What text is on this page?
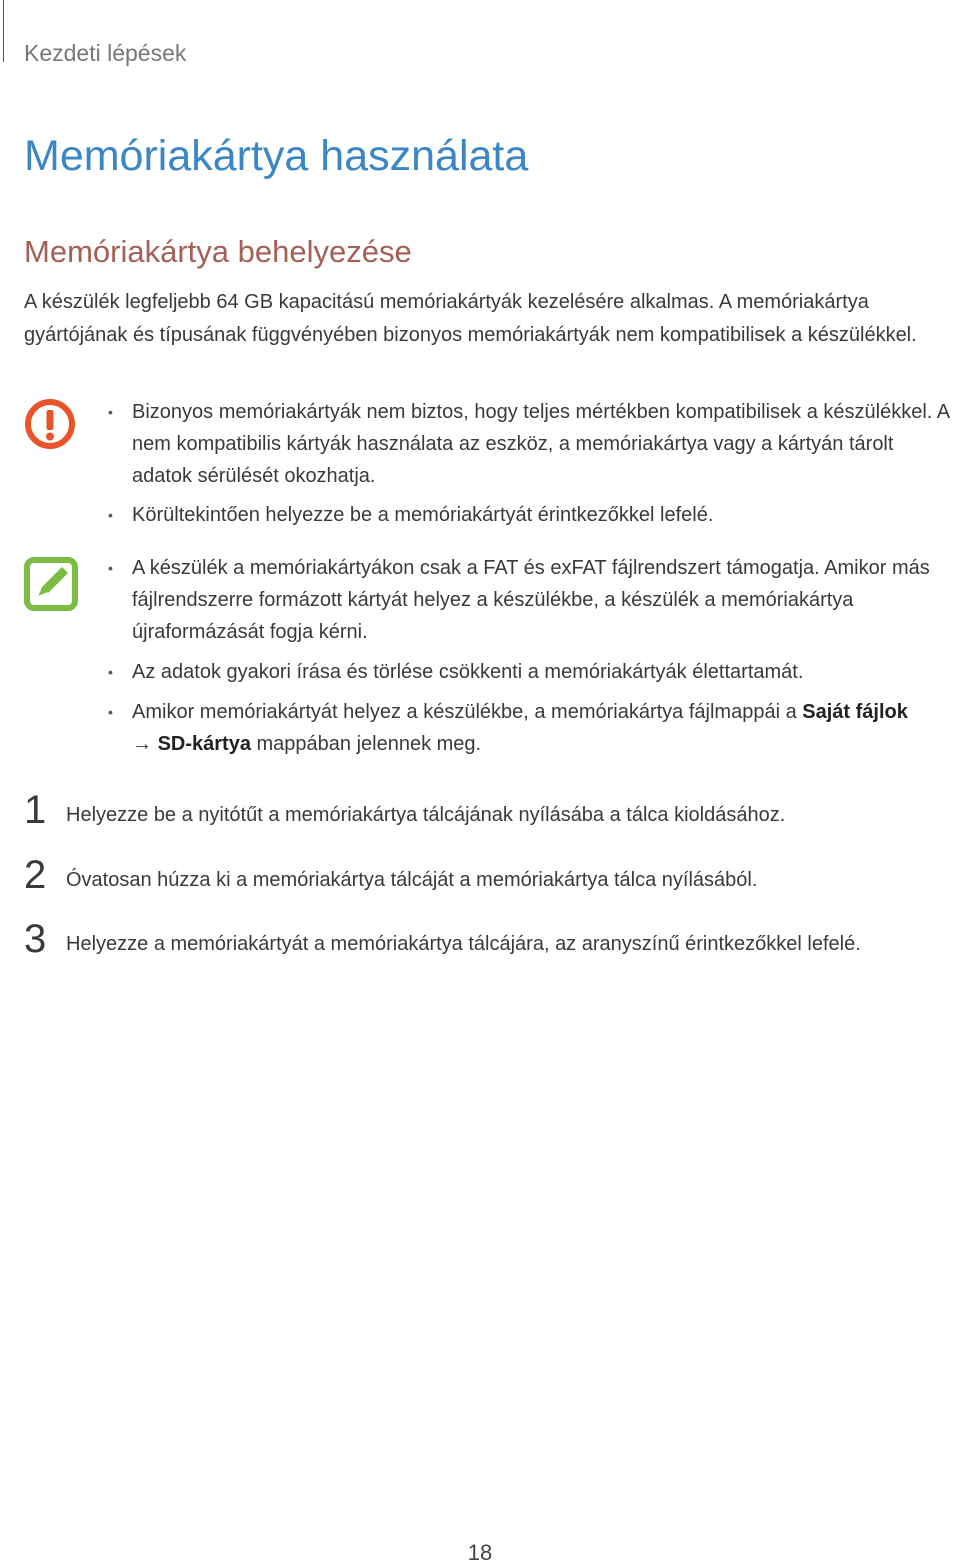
Kezdeti lépések
Memóriakártya használata
Memóriakártya behelyezése

A készülék legfeljebb 64 GB kapacitású memóriakártyák kezelésére alkalmas. A memóriakártya gyártójának és típusának függvényében bizonyos memóriakártyák nem kompatibilisek a készülékkel.

• Bizonyos memóriakártyák nem biztos, hogy teljes mértékben kompatibilisek a készülékkel. A nem kompatibilis kártyák használata az eszköz, a memóriakártya vagy a kártyán tárolt adatok sérülését okozhatja.
• Körültekintően helyezze be a memóriakártyát érintkezőkkel lefelé.
• A készülék a memóriakártyákon csak a FAT és exFAT fájlrendszert támogatja. Amikor más fájlrendszerre formázott kártyát helyez a készülékbe, a készülék a memóriakártya újraformázását fogja kérni.
• Az adatok gyakori írása és törlése csökkenti a memóriakártyák élettartamát.
• Amikor memóriakártyát helyez a készülékbe, a memóriakártya fájlmappái a Saját fájlok
→ SD-kártya mappában jelennek meg.
1 Helyezze be a nyitótűt a memóriakártya tálcájának nyílásába a tálca kioldásához.
2 Óvatosan húzza ki a memóriakártya tálcáját a memóriakártya tálca nyílásából.
3 Helyezze a memóriakártyát a memóriakártya tálcájára, az aranyszínű érintkezőkkel lefelé.
18
